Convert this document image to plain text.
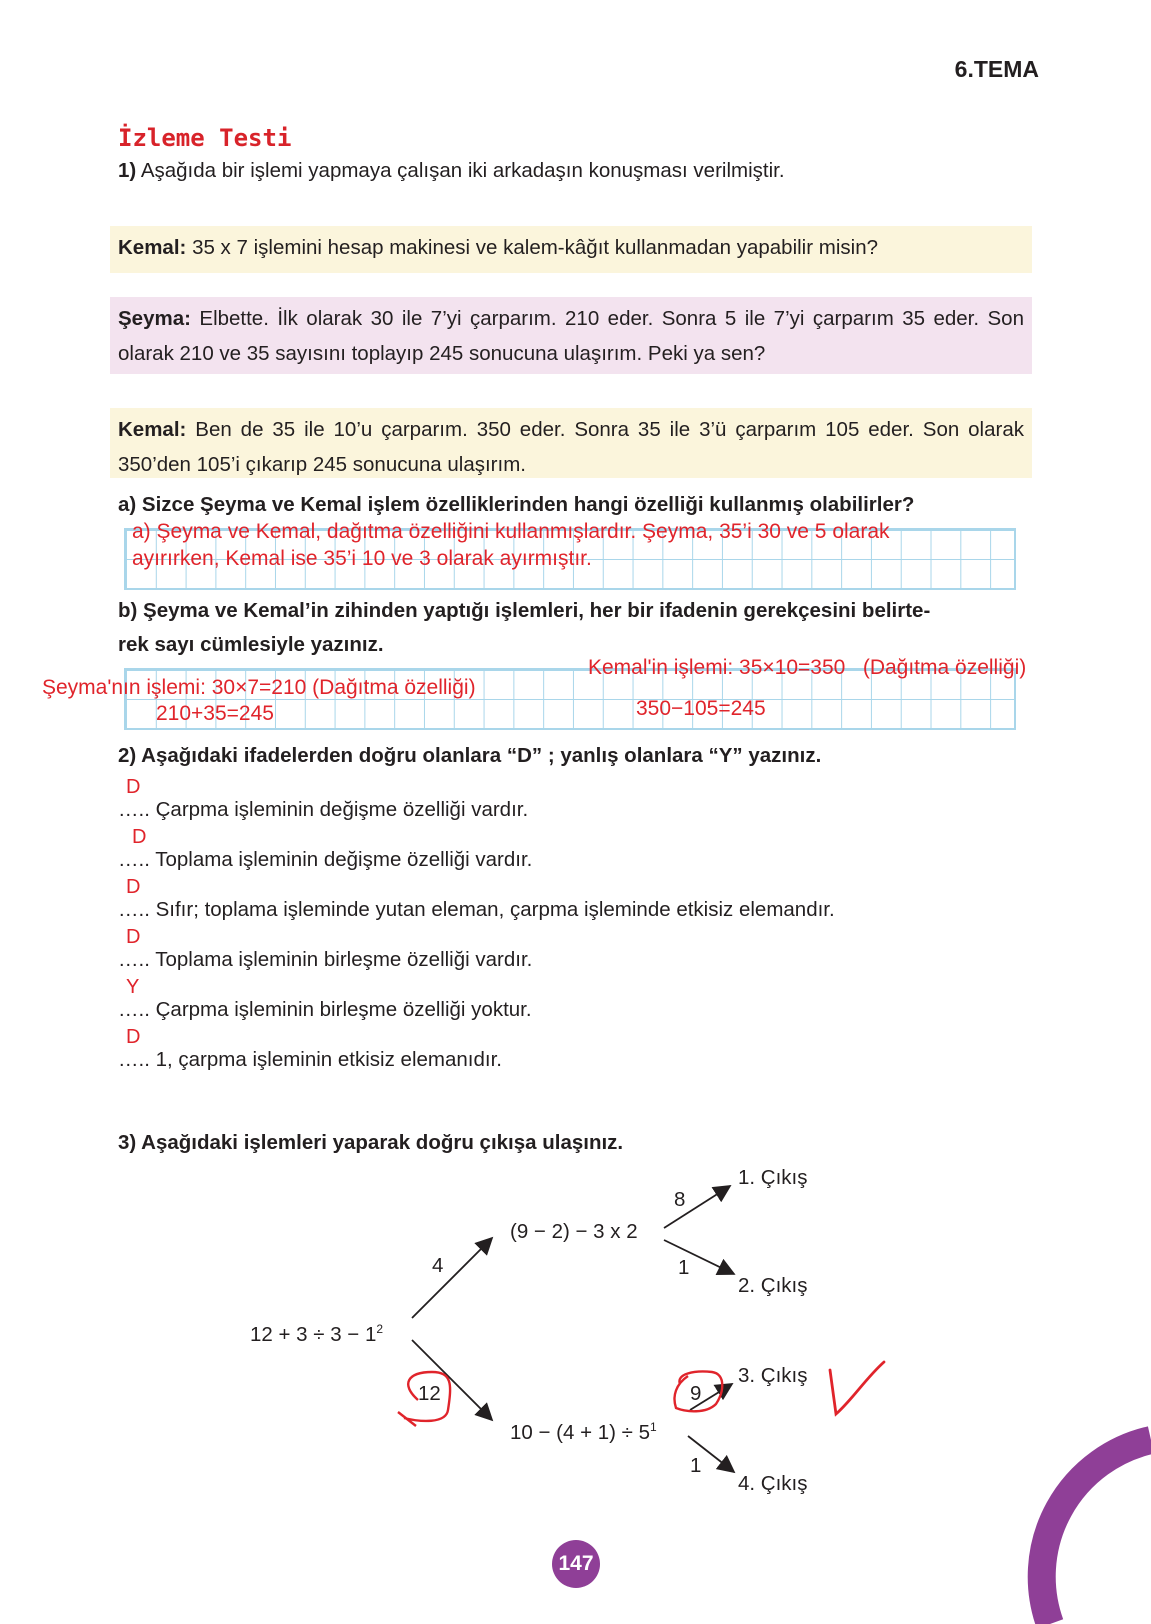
6.TEMA
İzleme Testi
1) Aşağıda bir işlemi yapmaya çalışan iki arkadaşın konuşması verilmiştir.
Kemal: 35 x 7 işlemini hesap makinesi ve kalem-kâğıt kullanmadan yapabilir misin?
Şeyma: Elbette. İlk olarak 30 ile 7’yi çarparım. 210 eder. Sonra 5 ile 7’yi çarparım 35 eder. Son olarak 210 ve 35 sayısını toplayıp 245 sonucuna ulaşırım. Peki ya sen?
Kemal: Ben de 35 ile 10’u çarparım. 350 eder. Sonra 35 ile 3’ü çarparım 105 eder. Son olarak 350’den 105’i çıkarıp 245 sonucuna ulaşırım.
a) Sizce Şeyma ve Kemal işlem özelliklerinden hangi özelliği kullanmış olabilirler?
a) Şeyma ve Kemal, dağıtma özelliğini kullanmışlardır. Şeyma, 35’i 30 ve 5 olarak
ayırırken, Kemal ise 35’i 10 ve 3 olarak ayırmıştır.
b) Şeyma ve Kemal’in zihinden yaptığı işlemleri, her bir ifadenin gerekçesini belirte-
rek sayı cümlesiyle yazınız.
Şeyma'nın işlemi: 30×7=210 (Dağıtma özelliği)
210+35=245
Kemal'in işlemi: 35×10=350   (Dağıtma özelliği)
350−105=245
2) Aşağıdaki ifadelerden doğru olanlara “D” ; yanlış olanlara “Y” yazınız.
D
….. Çarpma işleminin değişme özelliği vardır.
D
….. Toplama işleminin değişme özelliği vardır.
D
….. Sıfır; toplama işleminde yutan eleman, çarpma işleminde etkisiz elemandır.
D
….. Toplama işleminin birleşme özelliği vardır.
Y
….. Çarpma işleminin birleşme özelliği yoktur.
D
….. 1, çarpma işleminin etkisiz elemanıdır.
3) Aşağıdaki işlemleri yaparak doğru çıkışa ulaşınız.
$12 + 3 \div 3 - 1^2$
(9 − 2) − 3 x 2
$10 - (4 + 1) \div 5^1$
4
12
8
1
9
1
1. Çıkış
2. Çıkış
3. Çıkış
4. Çıkış
147
